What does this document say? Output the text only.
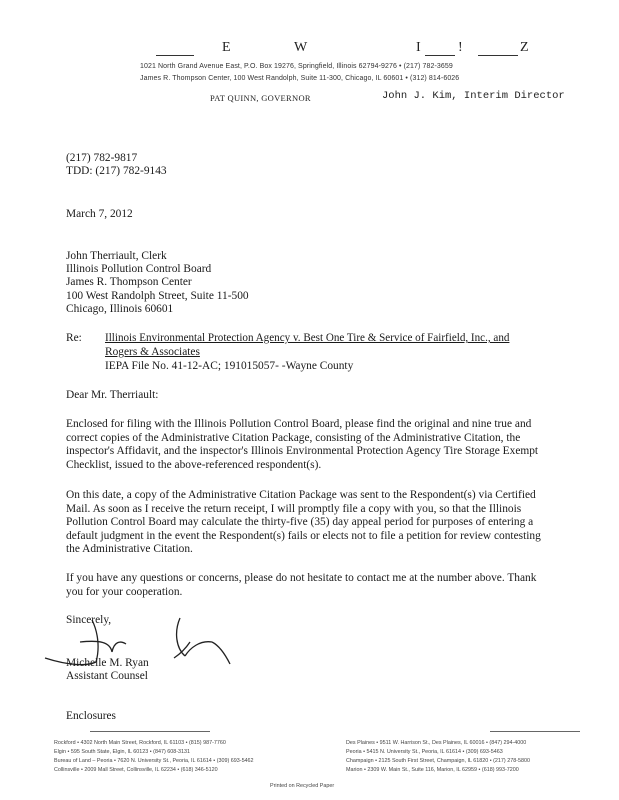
E	W	I	!	Z
1021 North Grand Avenue East, P.O. Box 19276, Springfield, Illinois 62794-9276 • (217) 782-3659
James R. Thompson Center, 100 West Randolph, Suite 11-300, Chicago, IL 60601 • (312) 814-6026
PAT QUINN, GOVERNOR	John J. Kim, Interim Director
(217) 782-9817
TDD: (217) 782-9143
March 7, 2012
John Therriault, Clerk
Illinois Pollution Control Board
James R. Thompson Center
100 West Randolph Street, Suite 11-500
Chicago, Illinois 60601
Re: Illinois Environmental Protection Agency v. Best One Tire & Service of Fairfield, Inc., and
Rogers & Associates
IEPA File No. 41-12-AC; 191015057- -Wayne County
Dear Mr. Therriault:
Enclosed for filing with the Illinois Pollution Control Board, please find the original and nine true and correct copies of the Administrative Citation Package, consisting of the Administrative Citation, the inspector's Affidavit, and the inspector's Illinois Environmental Protection Agency Tire Storage Exempt Checklist, issued to the above-referenced respondent(s).
On this date, a copy of the Administrative Citation Package was sent to the Respondent(s) via Certified Mail. As soon as I receive the return receipt, I will promptly file a copy with you, so that the Illinois Pollution Control Board may calculate the thirty-five (35) day appeal period for purposes of entering a default judgment in the event the Respondent(s) fails or elects not to file a petition for review contesting the Administrative Citation.
If you have any questions or concerns, please do not hesitate to contact me at the number above. Thank you for your cooperation.
Sincerely,
Michelle M. Ryan
Assistant Counsel
Enclosures
Rockford • 4302 North Main Street, Rockford, IL 61103 • (815) 987-7760
Elgin • 595 South State, Elgin, IL 60123 • (847) 608-3131
Bureau of Land – Peoria • 7620 N. University St., Peoria, IL 61614 • (309) 693-5462
Collinsville • 2009 Mall Street, Collinsville, IL 62234 • (618) 346-5120
Des Plaines • 9511 W. Harrison St., Des Plaines, IL 60016 • (847) 294-4000
Peoria • 5415 N. University St., Peoria, IL 61614 • (309) 693-5463
Champaign • 2125 South First Street, Champaign, IL 61820 • (217) 278-5800
Marion • 2309 W. Main St., Suite 116, Marion, IL 62959 • (618) 993-7200
Printed on Recycled Paper
